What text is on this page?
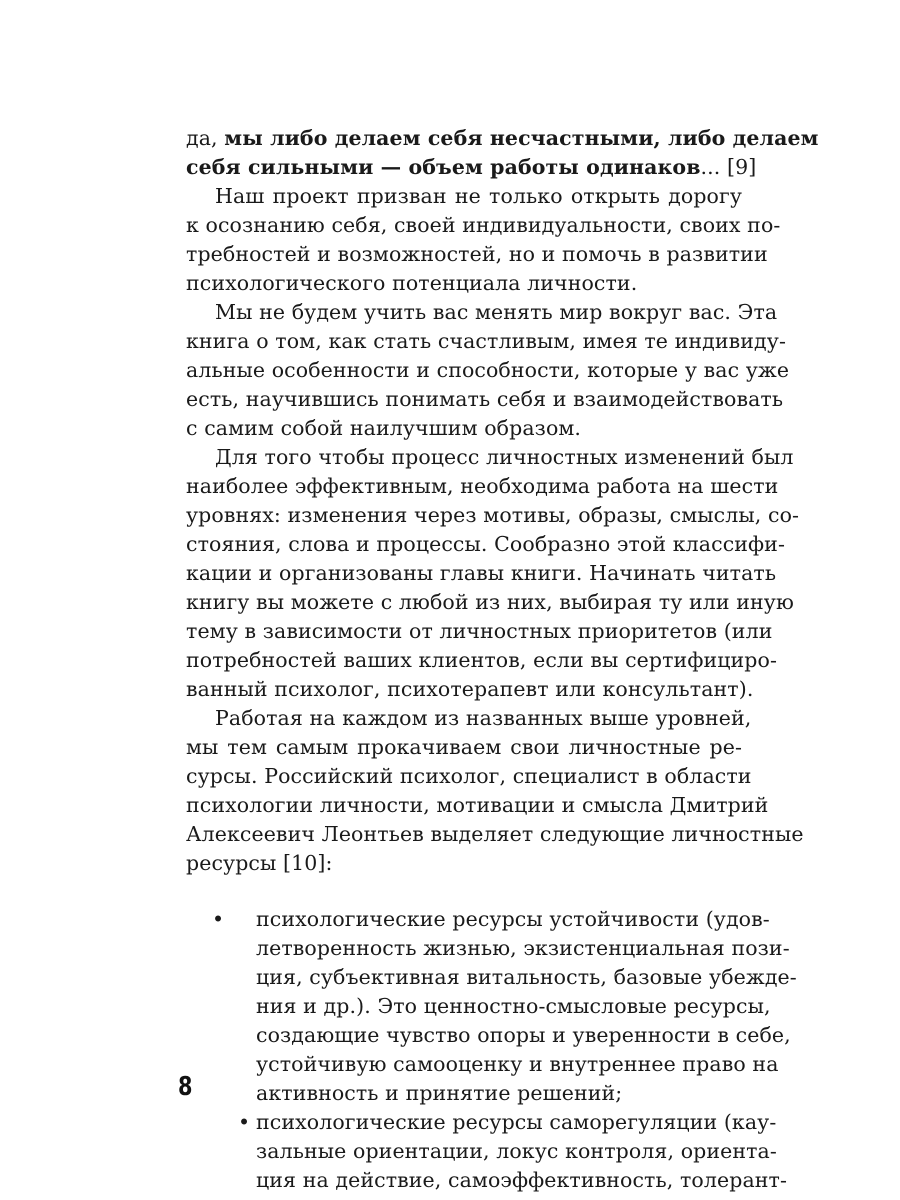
да, мы либо делаем себя несчастными, либо делаем
себя сильными — объем работы одинаков... [9]
Наш проект призван не только открыть дорогу
к осознанию себя, своей индивидуальности, своих по-
требностей и возможностей, но и помочь в развитии
психологического потенциала личности.
Мы не будем учить вас менять мир вокруг вас. Эта
книга о том, как стать счастливым, имея те индивиду-
альные особенности и способности, которые у вас уже
есть, научившись понимать себя и взаимодействовать
с самим собой наилучшим образом.
Для того чтобы процесс личностных изменений был
наиболее эффективным, необходима работа на шести
уровнях: изменения через мотивы, образы, смыслы, со-
стояния, слова и процессы. Сообразно этой классифи-
кации и организованы главы книги. Начинать читать
книгу вы можете с любой из них, выбирая ту или иную
тему в зависимости от личностных приоритетов (или
потребностей ваших клиентов, если вы сертифициро-
ванный психолог, психотерапевт или консультант).
Работая на каждом из названных выше уровней,
мы тем самым прокачиваем свои личностные ре-
сурсы. Российский психолог, специалист в области
психологии личности, мотивации и смысла Дмитрий
Алексеевич Леонтьев выделяет следующие личностные
ресурсы [10]:
• психологические ресурсы устойчивости (удов-
летворенность жизнью, экзистенциальная пози-
ция, субъективная витальность, базовые убежде-
ния и др.). Это ценностно-смысловые ресурсы,
создающие чувство опоры и уверенности в себе,
устойчивую самооценку и внутреннее право на
активность и принятие решений;
• психологические ресурсы саморегуляции (кау-
зальные ориентации, локус контроля, ориента-
ция на действие, самоэффективность, толерант-
8
